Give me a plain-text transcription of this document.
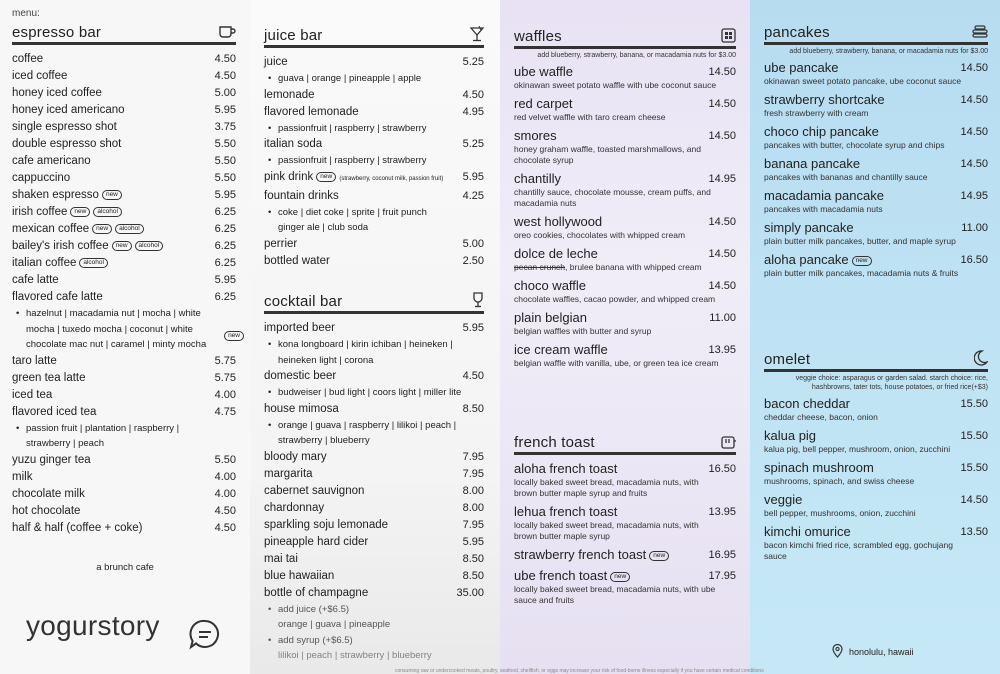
menu:
espresso bar
coffee	4.50
iced coffee	4.50
honey iced coffee	5.00
honey iced americano	5.95
single espresso shot	3.75
double espresso shot	5.50
cafe americano	5.50
cappuccino	5.50
shaken espresso new	5.95
irish coffee new alcohol	6.25
mexican coffee new alcohol	6.25
bailey's irish coffee new alcohol	6.25
italian coffee alcohol	6.25
cafe latte	5.95
flavored cafe latte	6.25
• hazelnut | macadamia nut | mocha | white
mocha | tuxedo mocha | coconut | white
chocolate mac nut | caramel | minty mocha
new
taro latte	5.75
green tea latte	5.75
iced tea	4.00
flavored iced tea	4.75
• passion fruit | plantation | raspberry |
strawberry | peach
yuzu ginger tea	5.50
milk	4.00
chocolate milk	4.00
hot chocolate	4.50
half & half (coffee + coke)	4.50
a brunch cafe
yogurstory
juice bar
juice	5.25
• guava | orange | pineapple | apple
lemonade	4.50
flavored lemonade	4.95
• passionfruit | raspberry | strawberry
italian soda	5.25
• passionfruit | raspberry | strawberry
pink drink new (strawberry, coconut milk, passion fruit) 5.95
fountain drinks	4.25
• coke | diet coke | sprite | fruit punch
ginger ale | club soda
perrier	5.00
bottled water	2.50
cocktail bar
imported beer	5.95
• kona longboard | kirin ichiban | heineken |
heineken light | corona
domestic beer	4.50
• budweiser | bud light | coors light | miller lite
house mimosa	8.50
• orange | guava | raspberry | lilikoi | peach |
strawberry | blueberry
bloody mary	7.95
margarita	7.95
cabernet sauvignon	8.00
chardonnay	8.00
sparkling soju lemonade	7.95
pineapple hard cider	5.95
mai tai	8.50
blue hawaiian	8.50
bottle of champagne	35.00
• add juice (+$6.5)
orange | guava | pineapple
• add syrup (+$6.5)
lilikoi | peach | strawberry | blueberry
waffles
add blueberry, strawberry, banana, or macadamia nuts for $3.00
ube waffle	14.50
okinawan sweet potato waffle with ube coconut sauce
red carpet	14.50
red velvet waffle with taro cream cheese
smores	14.50
honey graham waffle, toasted marshmallows, and chocolate syrup
chantilly	14.95
chantilly sauce, chocolate mousse, cream puffs, and macadamia nuts
west hollywood	14.50
oreo cookies, chocolates with whipped cream
dolce de leche	14.50
pecan crunch, brulee banana with whipped cream
choco waffle	14.50
chocolate waffles, cacao powder, and whipped cream
plain belgian	11.00
belgian waffles with butter and syrup
ice cream waffle	13.95
belgian waffle with vanilla, ube, or green tea ice cream
french toast
aloha french toast	16.50
locally baked sweet bread, macadamia nuts, with brown butter maple syrup and fruits
lehua french toast	13.95
locally baked sweet bread, macadamia nuts, with brown butter maple syrup
strawberry french toast new	16.95
ube french toast new	17.95
locally baked sweet bread, macadamia nuts, with ube sauce and fruits
pancakes
add blueberry, strawberry, banana, or macadamia nuts for $3.00
ube pancake	14.50
okinawan sweet potato pancake, ube coconut sauce
strawberry shortcake	14.50
fresh strawberry with cream
choco chip pancake	14.50
pancakes with butter, chocolate syrup and chips
banana pancake	14.50
pancakes with bananas and chantilly sauce
macadamia pancake	14.95
pancakes with macadamia nuts
simply pancake	11.00
plain butter milk pancakes, butter, and maple syrup
aloha pancake new	16.50
plain butter milk pancakes, macadamia nuts & fruits
omelet
veggie choice: asparagus or garden salad. starch choice: rice, hashbrowns, tater tots, house potatoes, or fried rice(+$3)
bacon cheddar	15.50
cheddar cheese, bacon, onion
kalua pig	15.50
kalua pig, bell pepper, mushroom, onion, zucchini
spinach mushroom	15.50
mushrooms, spinach, and swiss cheese
veggie	14.50
bell pepper, mushrooms, onion, zucchini
kimchi omurice	13.50
bacon kimchi fried rice, scrambled egg, gochujang sauce
honolulu, hawaii
consuming raw or undercooked meats, poultry, seafood, shellfish, or eggs may increase your risk of food-borne illness especially if you have certain medical conditions
